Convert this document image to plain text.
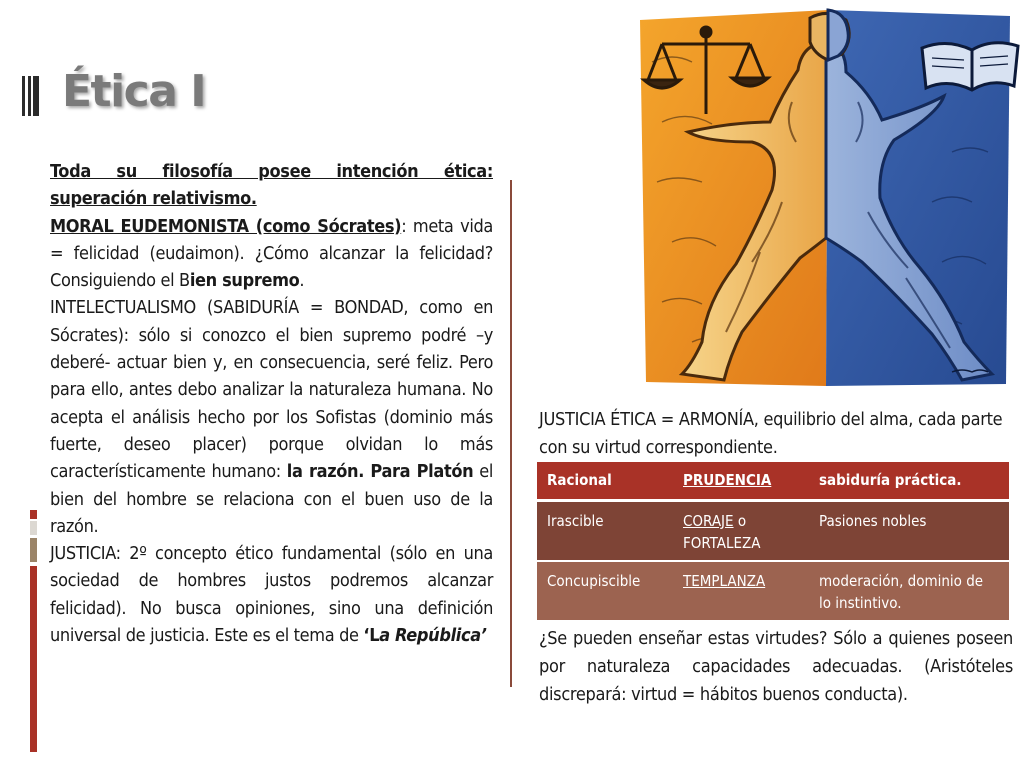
Ética I

Toda su filosofía posee intención ética: superación relativismo.

MORAL EUDEMONISTA (como Sócrates): meta vida = felicidad (eudaimon). ¿Cómo alcanzar la felicidad? Consiguiendo el Bien supremo.

INTELECTUALISMO (SABIDURÍA = BONDAD, como en Sócrates): sólo si conozco el bien supremo podré –y deberé- actuar bien y, en consecuencia, seré feliz. Pero para ello, antes debo analizar la naturaleza humana. No acepta el análisis hecho por los Sofistas (dominio más fuerte, deseo placer) porque olvidan lo más característicamente humano: la razón. Para Platón el bien del hombre se relaciona con el buen uso de la razón.

JUSTICIA: 2º concepto ético fundamental (sólo en una sociedad de hombres justos podremos alcanzar felicidad). No busca opiniones, sino una definición universal de justicia. Este es el tema de ‘La República’

JUSTICIA ÉTICA = ARMONÍA, equilibrio del alma, cada parte con su virtud correspondiente.
Racional	PRUDENCIA	sabiduría práctica.
Irascible	CORAJE o FORTALEZA	Pasiones nobles
Concupiscible	TEMPLANZA	moderación, dominio de lo instintivo.
¿Se pueden enseñar estas virtudes? Sólo a quienes poseen por naturaleza capacidades adecuadas. (Aristóteles discrepará: virtud = hábitos buenos conducta).
